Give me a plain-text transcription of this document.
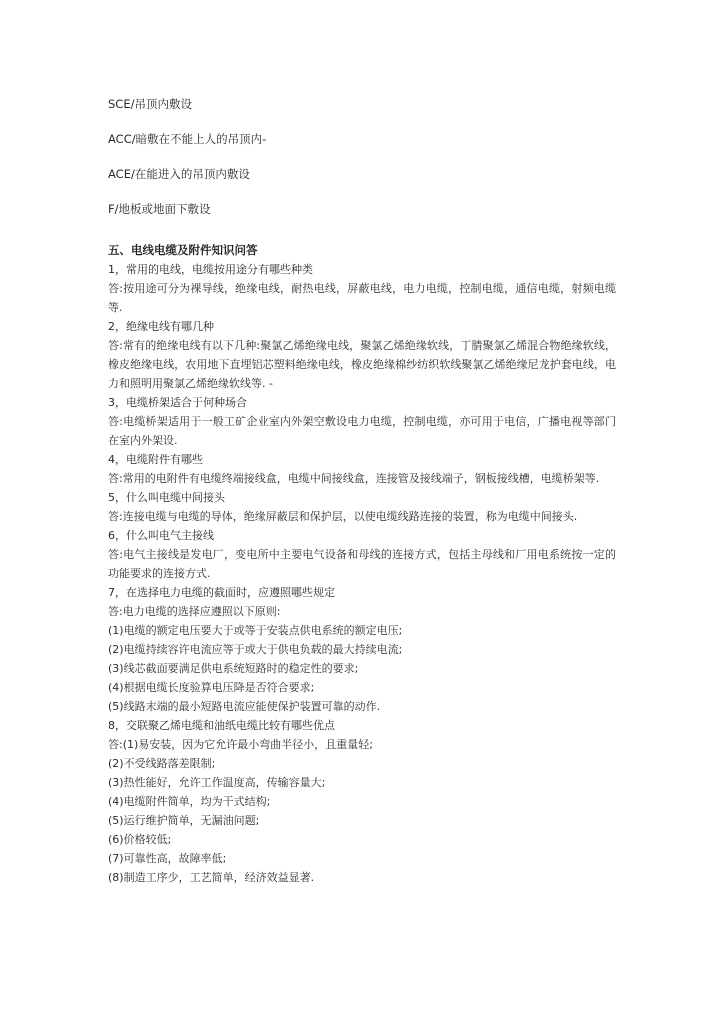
SCE/吊顶内敷设
ACC/暗敷在不能上人的吊顶内-
ACE/在能进入的吊顶内敷设
F/地板或地面下敷设
五、电线电缆及附件知识问答

1，常用的电线，电缆按用途分有哪些种类

答:按用途可分为裸导线，绝缘电线，耐热电线，屏蔽电线，电力电缆，控制电缆，通信电缆，射频电缆等.

2，绝缘电线有哪几种

答:常有的绝缘电线有以下几种:聚氯乙烯绝缘电线，聚氯乙烯绝缘软线，丁腈聚氯乙烯混合物绝缘软线，橡皮绝缘电线，农用地下直埋铝芯塑料绝缘电线，橡皮绝缘棉纱纺织软线聚氯乙烯绝缘尼龙护套电线，电力和照明用聚氯乙烯绝缘软线等. -

3，电缆桥架适合于何种场合

答:电缆桥架适用于一般工矿企业室内外架空敷设电力电缆，控制电缆，亦可用于电信，广播电视等部门在室内外架设.

4，电缆附件有哪些

答:常用的电附件有电缆终端接线盒，电缆中间接线盒，连接管及接线端子，钢板接线槽，电缆桥架等.

5，什么叫电缆中间接头

答:连接电缆与电缆的导体，绝缘屏蔽层和保护层，以使电缆线路连接的装置，称为电缆中间接头.

6，什么叫电气主接线

答:电气主接线是发电厂，变电所中主要电气设备和母线的连接方式，包括主母线和厂用电系统按一定的功能要求的连接方式.

7，在选择电力电缆的截面时，应遵照哪些规定

答:电力电缆的选择应遵照以下原则:

(1)电缆的额定电压要大于或等于安装点供电系统的额定电压;

(2)电缆持续容许电流应等于或大于供电负载的最大持续电流;

(3)线芯截面要满足供电系统短路时的稳定性的要求;

(4)根据电缆长度验算电压降是否符合要求;

(5)线路末端的最小短路电流应能使保护装置可靠的动作.

8，交联聚乙烯电缆和油纸电缆比较有哪些优点

答:(1)易安装，因为它允许最小弯曲半径小，且重量轻;

(2)不受线路落差限制;

(3)热性能好，允许工作温度高，传输容量大;

(4)电缆附件简单，均为干式结构;

(5)运行维护简单，无漏油问题;

(6)价格较低;

(7)可靠性高，故障率低;

(8)制造工序少，工艺简单，经济效益显著.
